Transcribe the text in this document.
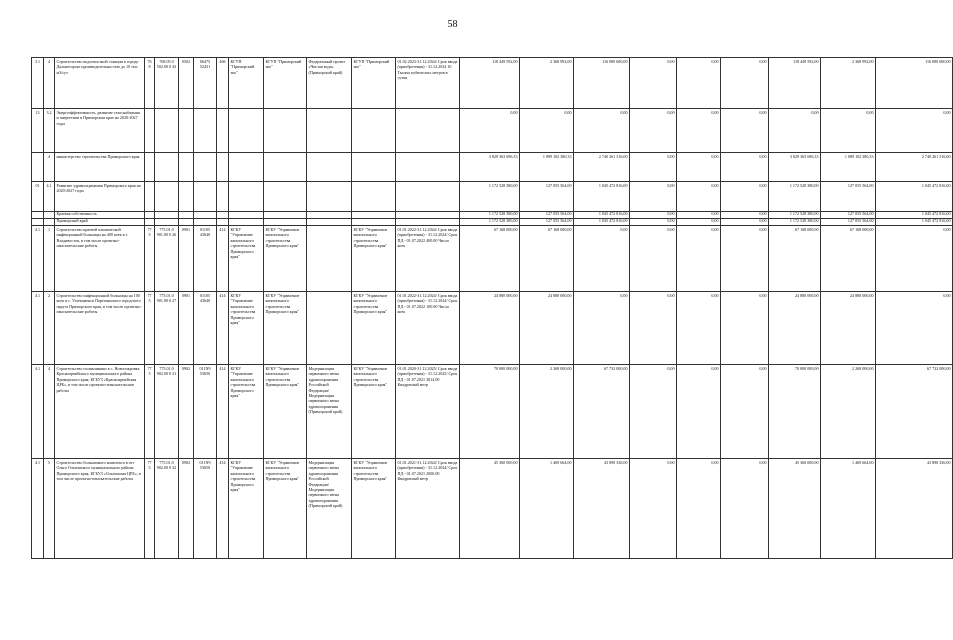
58
3.1	4	Строительство водоочистной станции в городе Дальнегорске производительностью до 10 тыс. м3/сут.	768	768.05.0 502.00 0 43	0502	06475 52431	466	КГУП "Приморский эко"	КГУП "Приморский эко"	Федеральный проект «Чистая вода» (Приморский край)	КГУП "Приморский эко"	01.02.2023-31.12.2024/ Срок ввода (приобретения) - 31.12.2024 10 Тысяча кубических метров в сутки	118 449 592,00	2 368 992,00	116 080 600,00	0,00	0,00	0,00	118 449 592,00	2 368 992,00	116 080 600,00
13	3.2	Энергоэффективность, развитие газоснабжения и энергетики в Приморском крае на 2020-2027 годы											0,00	0,00	0,00	0,00	0,00	0,00	0,00	0,00	0,00
	4	министерство строительства Приморского края											3 829 363 696,33	1 089 102 380,33	2 740 261 316,00	0,00	0,00	0,00	3 829 363 696,33	1 089 102 380,33	2 740 261 316,00
01	4.1	Развитие здравоохранения Приморского края на 2020-2027 годы											1 172 528 380,00	127 055 564,00	1 045 472 816,00	0,00	0,00	0,00	1 172 528 380,00	127 055 564,00	1 045 472 816,00
		Краевая собственность											1 172 528 380,00	127 055 564,00	1 045 472 816,00	0,00	0,00	0,00	1 172 528 380,00	127 055 564,00	1 045 472 816,00
		Приморский край											1 172 528 380,00	127 055 564,00	1 045 472 816,00	0,00	0,00	0,00	1 172 528 380,00	127 055 564,00	1 045 472 816,00
4.1	1	Строительство краевой клинической инфекционной больницы на 400 коек в г. Владивосток, в том числе проектно-изыскательские работы	775	775.01.0 901.00 0 26	0901	01105 43640	414	КГКУ "Управление капитального строительства Приморского края"	КГКУ "Управление капитального строительства Приморского края"		КГКУ "Управление капитального строительства Приморского края"	01.01.2022-31.12.2024/ Срок ввода (приобретения) - 31.12.2024/ Срок ПД - 01.07.2022 400.00 Число коек	67 168 000,00	67 168 000,00	0,00	0,00	0,00	0,00	67 168 000,00	67 168 000,00	0,00
4.1	2	Строительство инфекционной больницы на 100 коек в с. Углекаменск Партизанского городского округа Приморского края, в том числе проектно-изыскательские работы	775	775.01.0 901.00 0 27	0901	01105 43640	414	КГКУ "Управление капитального строительства Приморского края"	КГКУ "Управление капитального строительства Приморского края"		КГКУ "Управление капитального строительства Приморского края"	01.01.2022-31.12.2024/ Срок ввода (приобретения) - 31.12.2024/ Срок ПД - 01.07.2022 100.00 Число коек	24 880 000,00	24 880 000,00	0,00	0,00	0,00	0,00	24 880 000,00	24 880 000,00	0,00
4.1	4	Строительство поликлиники в с. Новопокровка Красноармейского муниципального района Приморского края, КГБУЗ «Красноармейская ЦРБ», в том числе проектно-изыскательские работы	775	775.01.0 902.00 0 31	0902	011N9 53650	414	КГКУ "Управление капитального строительства Приморского края"	КГКУ "Управление капитального строительства Приморского края"	Модернизация первичного звена здравоохранения Российской Федерации/Модернизация первичного звена здравоохранения (Приморский край)	КГКУ "Управление капитального строительства Приморского края"	01.01.2020-31.12.2025/ Срок ввода (приобретения) - 31.12.2025/ Срок ПД - 01.07.2021 3814.00 Квадратный метр	70 000 000,00	2 268 000,00	67 732 000,00	0,00	0,00	0,00	70 000 000,00	2 268 000,00	67 732 000,00
4.1	5	Строительство больничного комплекса в пгт Ольга Ольгинского муниципального района Приморского края, КГБУЗ «Ольгинская ЦРБ», в том числе проектно-изыскательские работы	775	775.01.0 902.00 0 32	0902	011N9 53650	414	КГКУ "Управление капитального строительства Приморского края"	КГКУ "Управление капитального строительства Приморского края"	Модернизация первичного звена здравоохранения Российской Федерации/Модернизация первичного звена здравоохранения (Приморский край)	КГКУ "Управление капитального строительства Приморского края"	01.01.2021-31.12.2024/ Срок ввода (приобретения) - 31.12.2024/ Срок ПД - 01.07.2021 2000.00 Квадратный метр	45 360 000,00	1 469 664,00	43 890 336,00	0,00	0,00	0,00	45 360 000,00	1 469 664,00	43 890 336,00
